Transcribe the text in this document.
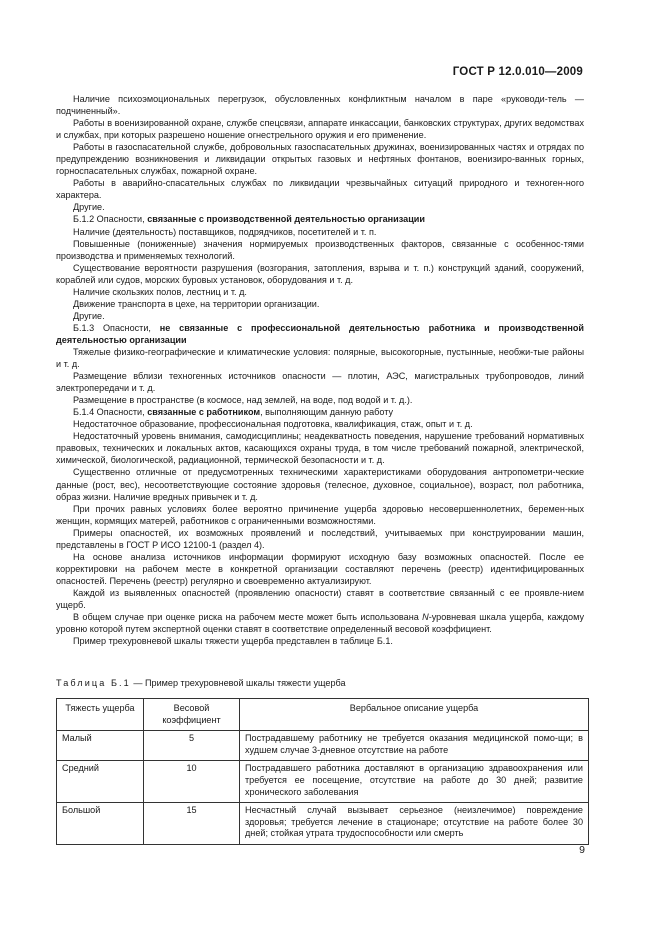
ГОСТ Р 12.0.010—2009

Наличие психоэмоциональных перегрузок, обусловленных конфликтным началом в паре «руководи-тель — подчиненный».

Работы в военизированной охране, службе спецсвязи, аппарате инкассации, банковских структурах, других ведомствах и службах, при которых разрешено ношение огнестрельного оружия и его применение.

Работы в газоспасательной службе, добровольных газоспасательных дружинах, военизированных частях и отрядах по предупреждению возникновения и ликвидации открытых газовых и нефтяных фонтанов, военизиро-ванных горных, горноспасательных службах, пожарной охране.

Работы в аварийно-спасательных службах по ликвидации чрезвычайных ситуаций природного и техноген-ного характера.

Другие.

Б.1.2 Опасности, связанные с производственной деятельностью организации

Наличие (деятельность) поставщиков, подрядчиков, посетителей и т. п.

Повышенные (пониженные) значения нормируемых производственных факторов, связанные с особеннос-тями производства и применяемых технологий.

Существование вероятности разрушения (возгорания, затопления, взрыва и т. п.) конструкций зданий, сооружений, кораблей или судов, морских буровых установок, оборудования и т. д.

Наличие скользких полов, лестниц и т. д.

Движение транспорта в цехе, на территории организации.

Другие.

Б.1.3 Опасности, не связанные с профессиональной деятельностью работника и производственной деятельностью организации

Тяжелые физико-географические и климатические условия: полярные, высокогорные, пустынные, необжи-тые районы и т. д.

Размещение вблизи техногенных источников опасности — плотин, АЭС, магистральных трубопроводов, линий электропередачи и т. д.

Размещение в пространстве (в космосе, над землей, на воде, под водой и т. д.).

Б.1.4 Опасности, связанные с работником, выполняющим данную работу

Недостаточное образование, профессиональная подготовка, квалификация, стаж, опыт и т. д.

Недостаточный уровень внимания, самодисциплины; неадекватность поведения, нарушение требований нормативных правовых, технических и локальных актов, касающихся охраны труда, в том числе требований пожарной, электрической, химической, биологической, радиационной, термической безопасности и т. д.

Существенно отличные от предусмотренных техническими характеристиками оборудования антропометри-ческие данные (рост, вес), несоответствующие состояние здоровья (телесное, духовное, социальное), возраст, пол работника, образ жизни. Наличие вредных привычек и т. д.

При прочих равных условиях более вероятно причинение ущерба здоровью несовершеннолетних, беремен-ных женщин, кормящих матерей, работников с ограниченными возможностями.

Примеры опасностей, их возможных проявлений и последствий, учитываемых при конструировании машин, представлены в ГОСТ Р ИСО 12100-1 (раздел 4).

На основе анализа источников информации формируют исходную базу возможных опасностей. После ее корректировки на рабочем месте в конкретной организации составляют перечень (реестр) идентифицированных опасностей. Перечень (реестр) регулярно и своевременно актуализируют.

Каждой из выявленных опасностей (проявлению опасности) ставят в соответствие связанный с ее проявле-нием ущерб.

В общем случае при оценке риска на рабочем месте может быть использована N-уровневая шкала ущерба, каждому уровню которой путем экспертной оценки ставят в соответствие определенный весовой коэффициент.

Пример трехуровневой шкалы тяжести ущерба представлен в таблице Б.1.

Таблица Б.1 — Пример трехуровневой шкалы тяжести ущерба
Тяжесть ущерба	Весовой коэффициент	Вербальное описание ущерба
Малый	5	Пострадавшему работнику не требуется оказания медицинской помо-щи; в худшем случае 3-дневное отсутствие на работе
Средний	10	Пострадавшего работника доставляют в организацию здравоохранения или требуется ее посещение, отсутствие на работе до 30 дней; развитие хронического заболевания
Большой	15	Несчастный случай вызывает серьезное (неизлечимое) повреждение здоровья; требуется лечение в стационаре; отсутствие на работе более 30 дней; стойкая утрата трудоспособности или смерть
9
